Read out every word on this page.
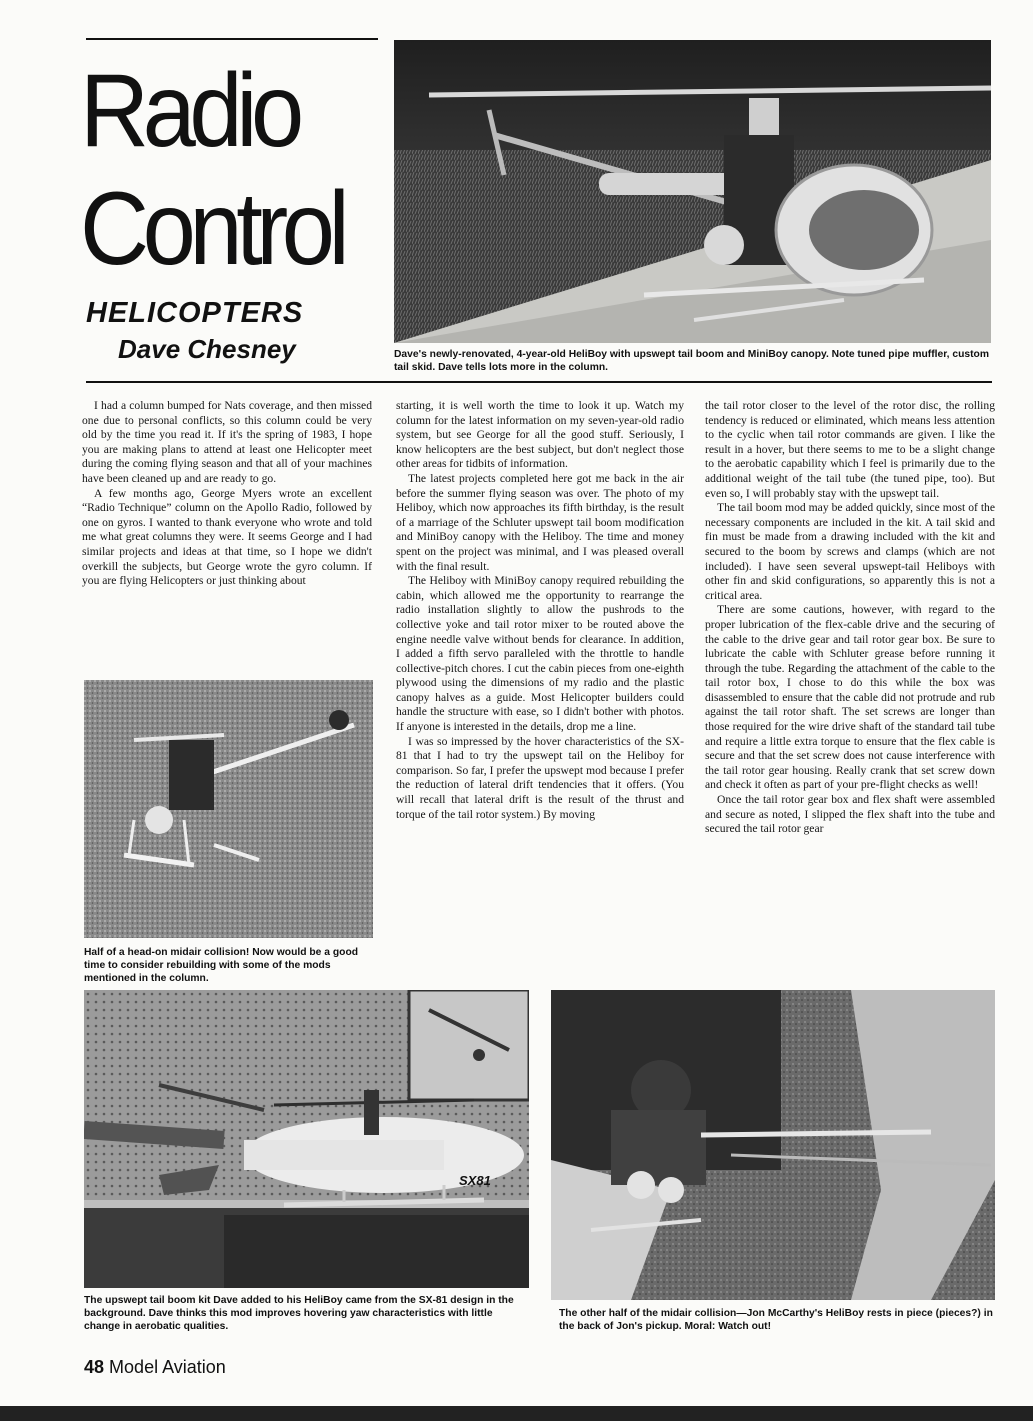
Radio
Control
HELICOPTERS
Dave Chesney	Dave's newly-renovated, 4-year-old HeliBoy with upswept tail boom and MiniBoy canopy. Note tuned pipe muffler, custom tail skid. Dave tells lots more in the column.

I had a column bumped for Nats coverage, and then missed one due to personal conflicts, so this column could be very old by the time you read it. If it's the spring of 1983, I hope you are making plans to attend at least one Helicopter meet during the coming flying season and that all of your machines have been cleaned up and are ready to go.

A few months ago, George Myers wrote an excellent “Radio Technique” column on the Apollo Radio, followed by one on gyros. I wanted to thank everyone who wrote and told me what great columns they were. It seems George and I had similar projects and ideas at that time, so I hope we didn't overkill the subjects, but George wrote the gyro column. If you are flying Helicopters or just thinking about

Half of a head-on midair collision! Now would be a good time to consider rebuilding with some of the mods mentioned in the column.

starting, it is well worth the time to look it up. Watch my column for the latest information on my seven-year-old radio system, but see George for all the good stuff. Seriously, I know helicopters are the best subject, but don't neglect those other areas for tidbits of information.

The latest projects completed here got me back in the air before the summer flying season was over. The photo of my Heliboy, which now approaches its fifth birthday, is the result of a marriage of the Schluter upswept tail boom modification and MiniBoy canopy with the Heliboy. The time and money spent on the project was minimal, and I was pleased overall with the final result.

The Heliboy with MiniBoy canopy required rebuilding the cabin, which allowed me the opportunity to rearrange the radio installation slightly to allow the pushrods to the collective yoke and tail rotor mixer to be routed above the engine needle valve without bends for clearance. In addition, I added a fifth servo paralleled with the throttle to handle collective-pitch chores. I cut the cabin pieces from one-eighth plywood using the dimensions of my radio and the plastic canopy halves as a guide. Most Helicopter builders could handle the structure with ease, so I didn't bother with photos. If anyone is interested in the details, drop me a line.

I was so impressed by the hover characteristics of the SX-81 that I had to try the upswept tail on the Heliboy for comparison. So far, I prefer the upswept mod because I prefer the reduction of lateral drift tendencies that it offers. (You will recall that lateral drift is the result of the thrust and torque of the tail rotor system.) By moving

the tail rotor closer to the level of the rotor disc, the rolling tendency is reduced or eliminated, which means less attention to the cyclic when tail rotor commands are given. I like the result in a hover, but there seems to me to be a slight change to the aerobatic capability which I feel is primarily due to the additional weight of the tail tube (the tuned pipe, too). But even so, I will probably stay with the upswept tail.

The tail boom mod may be added quickly, since most of the necessary components are included in the kit. A tail skid and fin must be made from a drawing included with the kit and secured to the boom by screws and clamps (which are not included). I have seen several upswept-tail Heliboys with other fin and skid configurations, so apparently this is not a critical area.

There are some cautions, however, with regard to the proper lubrication of the flex-cable drive and the securing of the cable to the drive gear and tail rotor gear box. Be sure to lubricate the cable with Schluter grease before running it through the tube. Regarding the attachment of the cable to the tail rotor box, I chose to do this while the box was disassembled to ensure that the cable did not protrude and rub against the tail rotor shaft. The set screws are longer than those required for the wire drive shaft of the standard tail tube and require a little extra torque to ensure that the flex cable is secure and that the set screw does not cause interference with the tail rotor gear housing. Really crank that set screw down and check it often as part of your pre-flight checks as well!

Once the tail rotor gear box and flex shaft were assembled and secure as noted, I slipped the flex shaft into the tube and secured the tail rotor gear

SX81
The upswept tail boom kit Dave added to his HeliBoy came from the SX-81 design in the background. Dave thinks this mod improves hovering yaw characteristics with little change in aerobatic qualities.
The other half of the midair collision—Jon McCarthy's HeliBoy rests in piece (pieces?) in the back of Jon's pickup. Moral: Watch out!
48 Model Aviation
